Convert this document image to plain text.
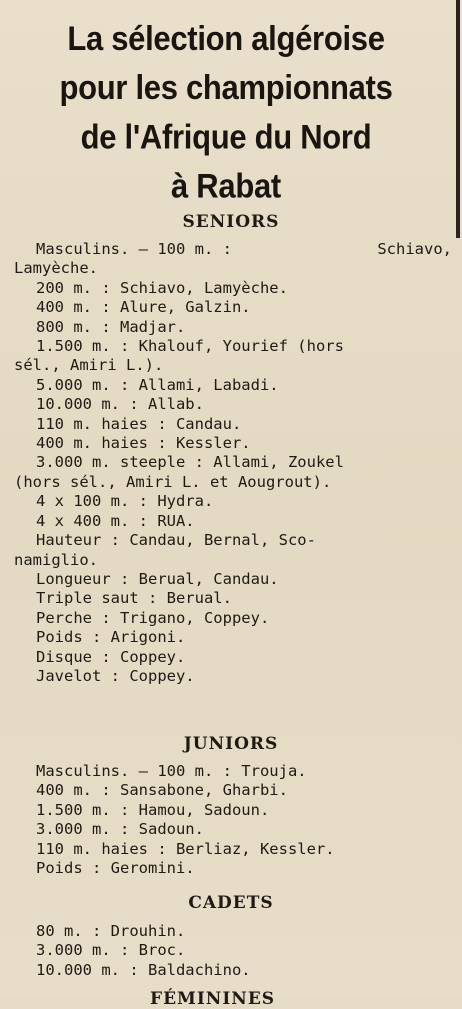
La sélection algéroise
pour les championnats
de l'Afrique du Nord
à Rabat
SENIORS
Masculins. — 100 m. :	Schiavo,
Lamyèche.
200 m. : Schiavo, Lamyèche.
400 m. : Alure, Galzin.
800 m. : Madjar.
1.500 m. : Khalouf, Yourief (hors
sél., Amiri L.).
5.000 m. : Allami, Labadi.
10.000 m. : Allab.
110 m. haies : Candau.
400 m. haies : Kessler.
3.000 m. steeple : Allami, Zoukel
(hors sél., Amiri L. et Aougrout).
4 x 100 m. : Hydra.
4 x 400 m. : RUA.
Hauteur : Candau, Bernal, Sco-
namiglio.
Longueur : Berual, Candau.
Triple saut : Berual.
Perche : Trigano, Coppey.
Poids : Arigoni.
Disque : Coppey.
Javelot : Coppey.
JUNIORS
Masculins. — 100 m. : Trouja.
400 m. : Sansabone, Gharbi.
1.500 m. : Hamou, Sadoun.
3.000 m. : Sadoun.
110 m. haies : Berliaz, Kessler.
Poids : Geromini.
CADETS
80 m. : Drouhin.
3.000 m. : Broc.
10.000 m. : Baldachino.
FÉMININES
